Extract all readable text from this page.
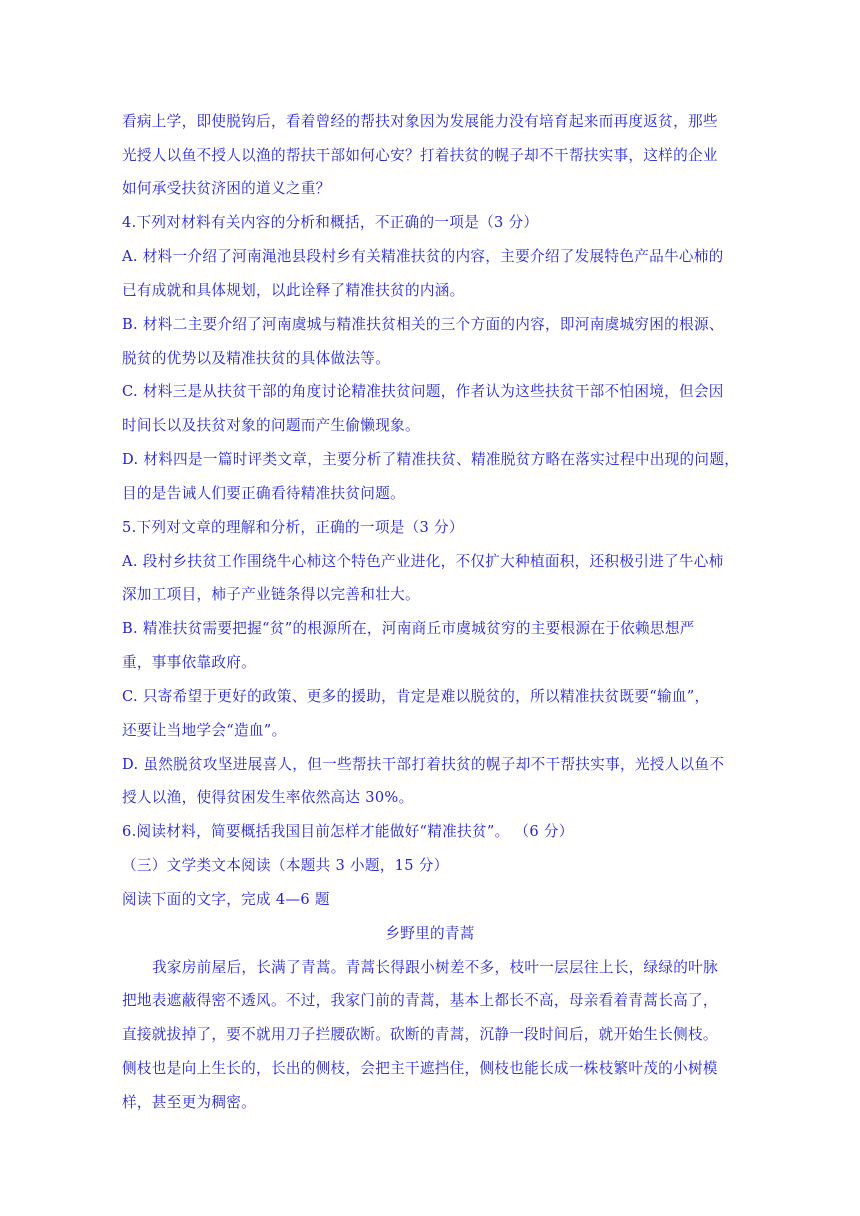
看病上学，即使脱钩后，看着曾经的帮扶对象因为发展能力没有培育起来而再度返贫，那些
光授人以鱼不授人以渔的帮扶干部如何心安？打着扶贫的幌子却不干帮扶实事，这样的企业
如何承受扶贫济困的道义之重？
4.下列对材料有关内容的分析和概括，不正确的一项是（3 分）
A. 材料一介绍了河南渑池县段村乡有关精准扶贫的内容，主要介绍了发展特色产品牛心柿的
已有成就和具体规划，以此诠释了精准扶贫的内涵。
B. 材料二主要介绍了河南虞城与精准扶贫相关的三个方面的内容，即河南虞城穷困的根源、
脱贫的优势以及精准扶贫的具体做法等。
C. 材料三是从扶贫干部的角度讨论精准扶贫问题，作者认为这些扶贫干部不怕困境，但会因
时间长以及扶贫对象的问题而产生偷懒现象。
D. 材料四是一篇时评类文章，主要分析了精准扶贫、精准脱贫方略在落实过程中出现的问题，
目的是告诫人们要正确看待精准扶贫问题。
5.下列对文章的理解和分析，正确的一项是（3 分）
A. 段村乡扶贫工作围绕牛心柿这个特色产业进化，不仅扩大种植面积，还积极引进了牛心柿
深加工项目，柿子产业链条得以完善和壮大。
B. 精准扶贫需要把握“贫”的根源所在，河南商丘市虞城贫穷的主要根源在于依赖思想严
重，事事依靠政府。
C. 只寄希望于更好的政策、更多的援助，肯定是难以脱贫的，所以精准扶贫既要“输血”，
还要让当地学会“造血”。
D. 虽然脱贫攻坚进展喜人，但一些帮扶干部打着扶贫的幌子却不干帮扶实事，光授人以鱼不
授人以渔，使得贫困发生率依然高达 30%。
6.阅读材料，简要概括我国目前怎样才能做好“精准扶贫”。 （6 分）
（三）文学类文本阅读（本题共 3 小题，15 分）
阅读下面的文字，完成 4—6 题
乡野里的青蒿
我家房前屋后，长满了青蒿。青蒿长得跟小树差不多，枝叶一层层往上长，绿绿的叶脉
把地表遮蔽得密不透风。不过，我家门前的青蒿，基本上都长不高，母亲看着青蒿长高了，
直接就拔掉了，要不就用刀子拦腰砍断。砍断的青蒿，沉静一段时间后，就开始生长侧枝。
侧枝也是向上生长的，长出的侧枝，会把主干遮挡住，侧枝也能长成一株枝繁叶茂的小树模
样，甚至更为稠密。
